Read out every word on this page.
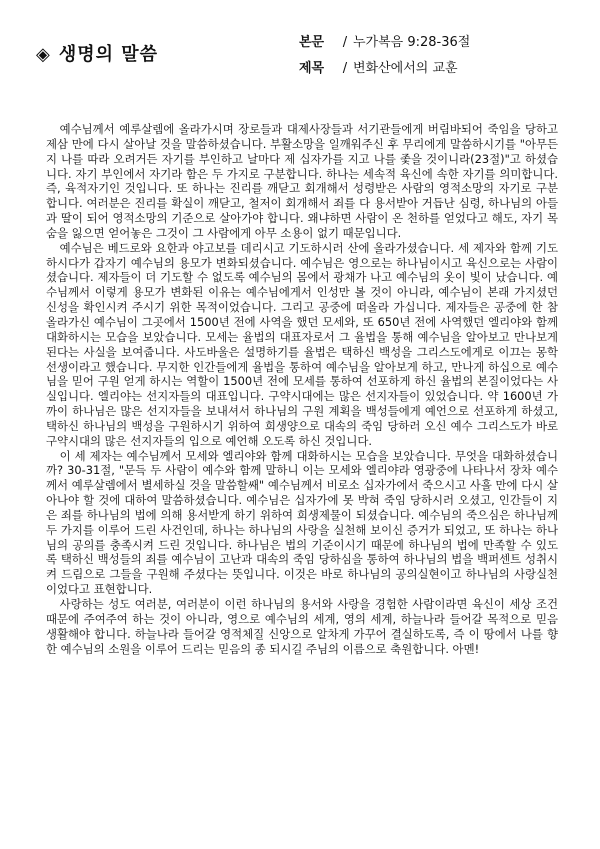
◈ 생명의 말씀
본문 / 누가복음 9:28-36절
제목 / 변화산에서의 교훈

예수님께서 예루살렘에 올라가시며 장로들과 대제사장들과 서기관들에게 버림바되어 죽임을 당하고 제삼 만에 다시 살아날 것을 말씀하셨습니다. 부활소망을 일깨워주신 후 무리에게 말씀하시기를 "아무든지 나를 따라 오려거든 자기를 부인하고 날마다 제 십자가를 지고 나를 좇을 것이니라(23절)"고 하셨습니다. 자기 부인에서 자기라 함은 두 가지로 구분합니다. 하나는 세속적 육신에 속한 자기를 의미합니다. 즉, 육적자기인 것입니다. 또 하나는 진리를 깨닫고 회개해서 성령받은 사람의 영적소망의 자기로 구분합니다. 여러분은 진리를 확실이 깨닫고, 철저이 회개해서 죄를 다 용서받아 거듭난 심령, 하나님의 아들과 딸이 되어 영적소망의 기준으로 살아가야 합니다. 왜냐하면 사람이 온 천하를 얻었다고 해도, 자기 목숨을 잃으면 얻어놓은 그것이 그 사람에게 아무 소용이 없기 때문입니다.

예수님은 베드로와 요한과 야고보를 데리시고 기도하시러 산에 올라가셨습니다. 세 제자와 함께 기도하시다가 갑자기 예수님의 용모가 변화되셨습니다. 예수님은 영으로는 하나님이시고 육신으로는 사람이셨습니다. 제자들이 더 기도할 수 없도록 예수님의 몸에서 광채가 나고 예수님의 옷이 빛이 났습니다. 예수님께서 이렇게 용모가 변화된 이유는 예수님에게서 인성만 볼 것이 아니라, 예수님이 본래 가지셨던 신성을 확인시켜 주시기 위한 목적이었습니다. 그리고 공중에 떠올라 가십니다. 제자들은 공중에 한 참 올라가신 예수님이 그곳에서 1500년 전에 사역을 했던 모세와, 또 650년 전에 사역했던 엘리야와 함께 대화하시는 모습을 보았습니다. 모세는 율법의 대표자로서 그 율법을 통해 예수님을 알아보고 만나보게 된다는 사실을 보여줍니다. 사도바울은 설명하기를 율법은 택하신 백성을 그리스도에게로 이끄는 몽학선생이라고 했습니다. 무지한 인간들에게 율법을 통하여 예수님을 알아보게 하고, 만나게 하십으로 예수님을 믿어 구원 얻게 하시는 역할이 1500년 전에 모세를 통하여 선포하게 하신 율법의 본질이었다는 사실입니다. 엘리야는 선지자들의 대표입니다. 구약시대에는 많은 선지자들이 있었습니다. 약 1600년 가까이 하나님은 많은 선지자들을 보내셔서 하나님의 구원 계획을 백성들에게 예언으로 선포하게 하셨고, 택하신 하나님의 백성을 구원하시기 위하여 희생양으로 대속의 죽임 당하러 오신 예수 그리스도가 바로 구약시대의 많은 선지자들의 입으로 예언해 오도록 하신 것입니다.

이 세 제자는 예수님께서 모세와 엘리야와 함께 대화하시는 모습을 보았습니다. 무엇을 대화하셨습니까? 30-31절, "문득 두 사람이 예수와 함께 말하니 이는 모세와 엘리야라 영광중에 나타나서 장차 예수께서 예루살렘에서 별세하실 것을 말씀할쌔" 예수님께서 비로소 십자가에서 죽으시고 사흘 만에 다시 살아나야 할 것에 대하여 말씀하셨습니다. 예수님은 십자가에 못 박혀 죽임 당하시러 오셨고, 인간들이 지은 죄를 하나님의 법에 의해 용서받게 하기 위하여 희생제물이 되셨습니다. 예수님의 죽으심은 하나님께 두 가지를 이루어 드린 사건인데, 하나는 하나님의 사랑을 실천해 보이신 증거가 되었고, 또 하나는 하나님의 공의를 충족시켜 드린 것입니다. 하나님은 법의 기준이시기 때문에 하나님의 법에 만족할 수 있도록 택하신 백성들의 죄를 예수님이 고난과 대속의 죽임 당하심을 통하여 하나님의 법을 백퍼센트 성취시켜 드림으로 그들을 구원해 주셨다는 뜻입니다. 이것은 바로 하나님의 공의실현이고 하나님의 사랑실천이었다고 표현합니다.

사랑하는 성도 여러분, 여러분이 이런 하나님의 용서와 사랑을 경험한 사람이라면 육신이 세상 조건 때문에 주여주여 하는 것이 아니라, 영으로 예수님의 세계, 영의 세계, 하늘나라 들어갈 목적으로 믿음 생활해야 합니다. 하늘나라 들어갈 영적체질 신앙으로 알차게 가꾸어 결실하도록, 즉 이 땅에서 나를 향한 예수님의 소원을 이루어 드리는 믿음의 종 되시길 주님의 이름으로 축원합니다. 아멘!
